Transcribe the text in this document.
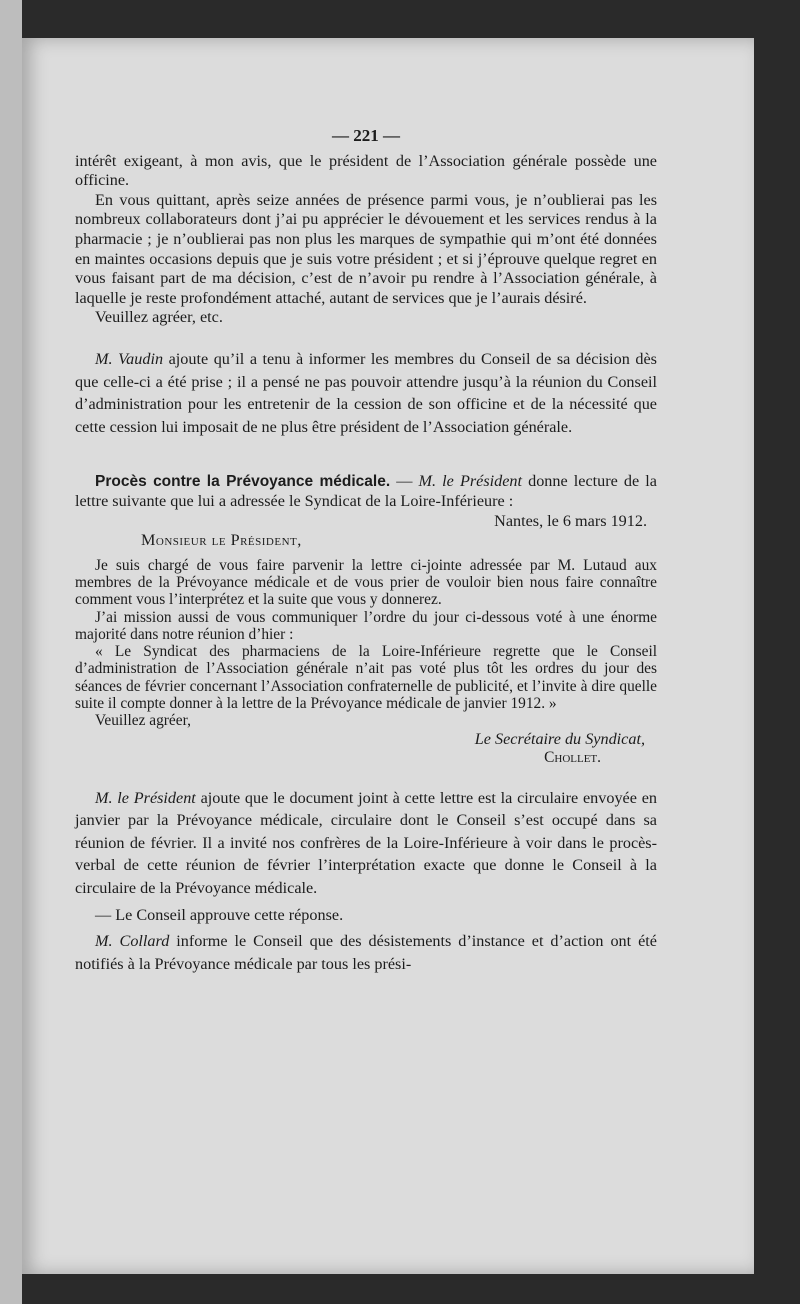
— 221 —

intérêt exigeant, à mon avis, que le président de l’Association générale possède une officine.

En vous quittant, après seize années de présence parmi vous, je n’oublierai pas les nombreux collaborateurs dont j’ai pu apprécier le dévouement et les services rendus à la pharmacie ; je n’oublierai pas non plus les marques de sympathie qui m’ont été données en maintes occasions depuis que je suis votre président ; et si j’éprouve quelque regret en vous faisant part de ma décision, c’est de n’avoir pu rendre à l’Association générale, à laquelle je reste profondément attaché, autant de services que je l’aurais désiré.

Veuillez agréer, etc.

M. Vaudin ajoute qu’il a tenu à informer les membres du Conseil de sa décision dès que celle-ci a été prise ; il a pensé ne pas pouvoir attendre jusqu’à la réunion du Conseil d’administration pour les entretenir de la cession de son officine et de la nécessité que cette cession lui imposait de ne plus être président de l’Association générale.

Procès contre la Prévoyance médicale. — M. le Président donne lecture de la lettre suivante que lui a adressée le Syndicat de la Loire-Inférieure :

Nantes, le 6 mars 1912.
Monsieur le Président,

Je suis chargé de vous faire parvenir la lettre ci-jointe adressée par M. Lutaud aux membres de la Prévoyance médicale et de vous prier de vouloir bien nous faire connaître comment vous l’interprétez et la suite que vous y donnerez.

J’ai mission aussi de vous communiquer l’ordre du jour ci-dessous voté à une énorme majorité dans notre réunion d’hier :

« Le Syndicat des pharmaciens de la Loire-Inférieure regrette que le Conseil d’administration de l’Association générale n’ait pas voté plus tôt les ordres du jour des séances de février concernant l’Association confraternelle de publicité, et l’invite à dire quelle suite il compte donner à la lettre de la Prévoyance médicale de janvier 1912. »

Veuillez agréer,

Le Secrétaire du Syndicat,
Chollet.

M. le Président ajoute que le document joint à cette lettre est la circulaire envoyée en janvier par la Prévoyance médicale, circulaire dont le Conseil s’est occupé dans sa réunion de février. Il a invité nos confrères de la Loire-Inférieure à voir dans le procès-verbal de cette réunion de février l’interprétation exacte que donne le Conseil à la circulaire de la Prévoyance médicale.

— Le Conseil approuve cette réponse.

M. Collard informe le Conseil que des désistements d’instance et d’action ont été notifiés à la Prévoyance médicale par tous les prési-
